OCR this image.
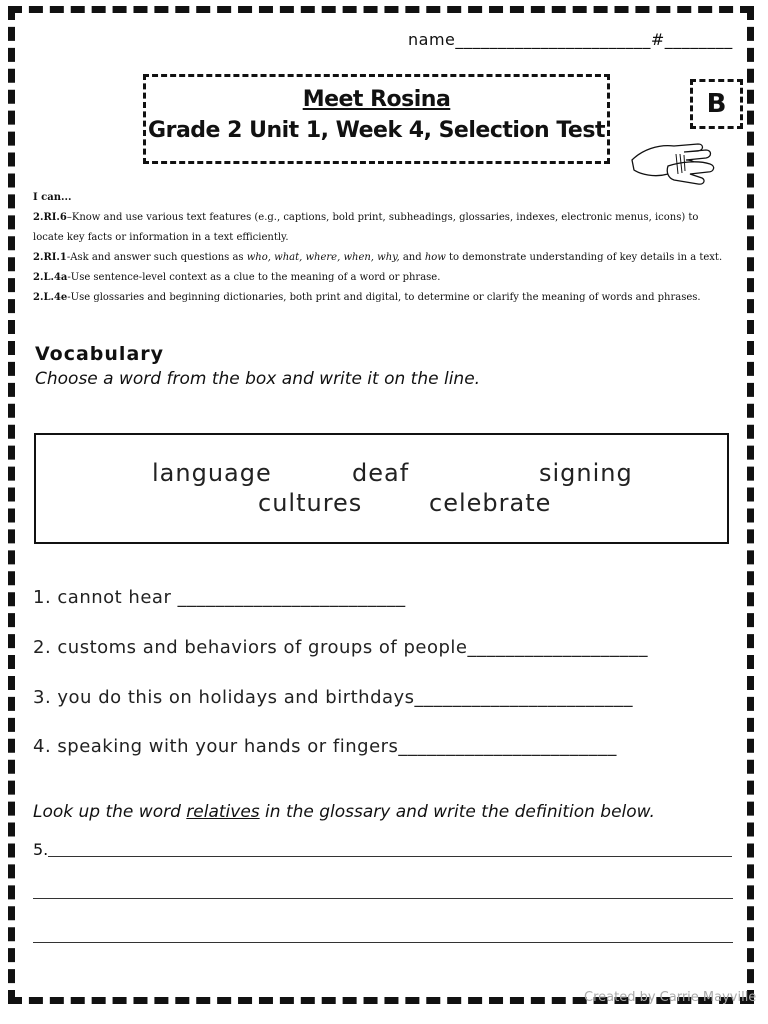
name_______________________#________
Meet Rosina
Grade 2 Unit 1, Week 4, Selection Test
B
I can...
2.RI.6–Know and use various text features (e.g., captions, bold print, subheadings, glossaries, indexes, electronic menus, icons) to locate key facts or information in a text efficiently.
2.RI.1-Ask and answer such questions as who, what, where, when, why, and how to demonstrate understanding of key details in a text.
2.L.4a-Use sentence-level context as a clue to the meaning of a word or phrase.
2.L.4e-Use glossaries and beginning dictionaries, both print and digital, to determine or clarify the meaning of words and phrases.
Vocabulary
Choose a word from the box and write it on the line.
language	deaf	signing
cultures	celebrate
1. cannot hear ________________________
2. customs and behaviors of groups of people___________________
3. you do this on holidays and birthdays_______________________
4. speaking with your hands or fingers_______________________
Look up the word relatives in the glossary and write the definition below.
5.
Created by Carrie Mayville
